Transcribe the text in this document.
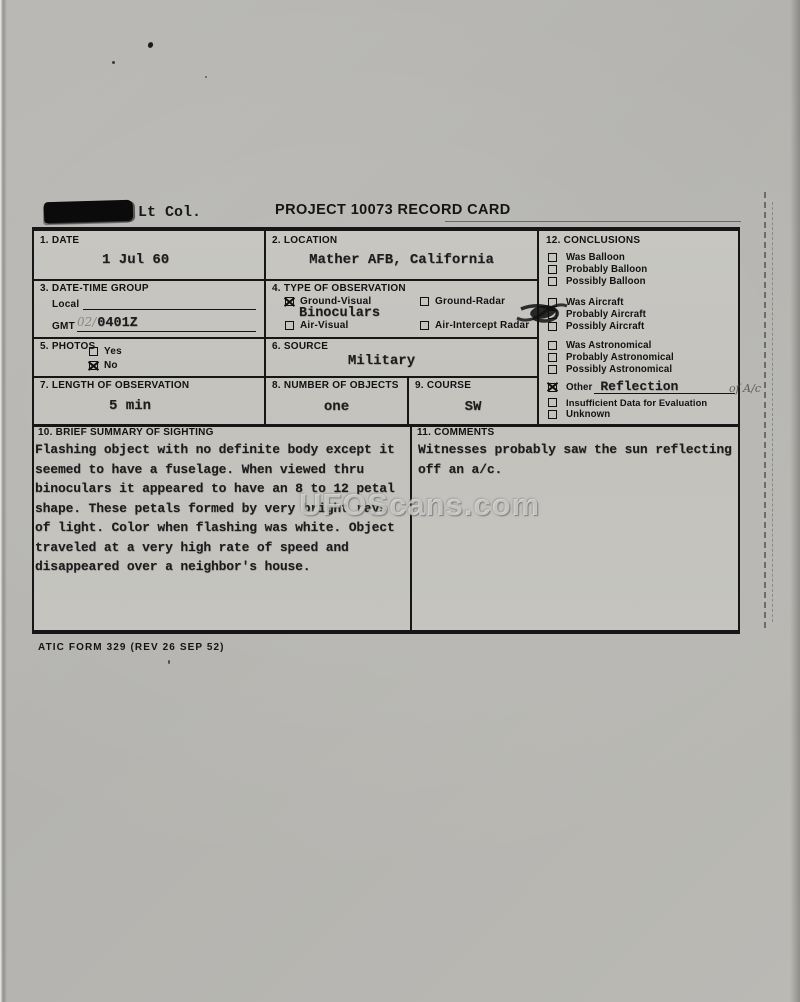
Lt Col.	PROJECT 10073 RECORD CARD
1. DATE
1 Jul 60
2. LOCATION
Mather AFB, California
3. DATE-TIME GROUP
Local
GMT 02/0401Z
4. TYPE OF OBSERVATION
Ground-Visual
Binoculars
Air-Visual
Ground-Radar
Air-Intercept Radar
5. PHOTOS Yes
No
6. SOURCE
Military
7. LENGTH OF OBSERVATION
5 min
8. NUMBER OF OBJECTS
one
9. COURSE
SW
10. BRIEF SUMMARY OF SIGHTING
Flashing object with no definite body except it
seemed to have a fuselage. When viewed thru
binoculars it appeared to have an 8 to 12 petal
shape. These petals formed by very bright rays
of light. Color when flashing was white. Object
traveled at a very high rate of speed and
disappeared over a neighbor's house.
11. COMMENTS
Witnesses probably saw the sun reflecting
off an a/c.
12. CONCLUSIONS
Was Balloon
Probably Balloon
Possibly Balloon
Was Aircraft
Probably Aircraft
Possibly Aircraft
Was Astronomical
Probably Astronomical
Possibly Astronomical
Other Reflection	of A/c
Insufficient Data for Evaluation
Unknown
ATIC FORM 329 (REV 26 SEP 52)
UFOScans.com
